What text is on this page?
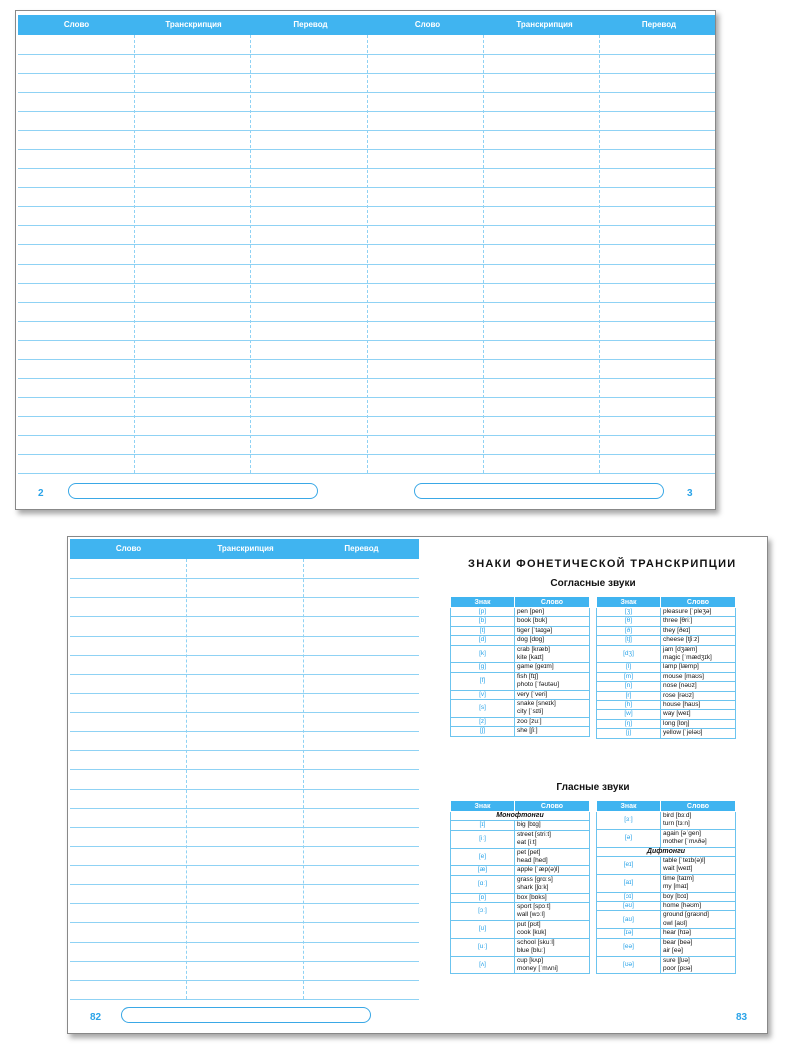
Слово	Транскрипция	Перевод	Слово	Транскрипция	Перевод
2	3
Слово	Транскрипция	Перевод
82	83
ЗНАКИ ФОНЕТИЧЕСКОЙ ТРАНСКРИПЦИИ
Согласные звуки
Гласные звуки
Знак	Слово
[p]	pen [pen]

[b]	book [bʊk]

[t]	tiger [ˈtaɪɡə]

[d]	dog [dɒɡ]

[k]	crab [kræb]
kite [kaɪt]

[g]	game [ɡeɪm]

[f]	fish [fɪʃ]
photo [ˈfəʊtəʊ]

[v]	very [ˈveri]

[s]	snake [sneɪk]
city [ˈsɪti]

[z]	zoo [zuː]

[ʃ]	she [ʃiː]
Знак	Слово
[ʒ]	pleasure [ˈpleʒə]

[θ]	three [θriː]

[ð]	they [ðeɪ]

[tʃ]	cheese [tʃiːz]

[dʒ]	jam [dʒæm]
magic [ˈmædʒɪk]

[l]	lamp [læmp]

[m]	mouse [maʊs]

[n]	nose [nəʊz]

[r]	rose [rəʊz]

[h]	house [haʊs]

[w]	way [weɪ]

[ŋ]	long [lɒŋ]

[j]	yellow [ˈjeləʊ]
Знак	Слово
Монофтонги	
[ɪ]	big [bɪɡ]

[iː]	street [striːt]
eat [iːt]

[e]	pet [pet]
head [hed]

[æ]	apple [ˈæp(ə)l]

[ɑː]	grass [ɡrɑːs]
shark [ʃɑːk]

[ɒ]	box [bɒks]

[ɔː]	sport [spɔːt]
wall [wɔːl]

[ʊ]	put [pʊt]
cook [kʊk]

[uː]	school [skuːl]
blue [bluː]

[ʌ]	cup [kʌp]
money [ˈmʌni]
Знак	Слово
[ɜː]	bird [bɜːd]
turn [tɜːn]

[ə]	again [əˈɡen]
mother [ˈmʌðə]

Дифтонги	
[eɪ]	table [ˈteɪb(ə)l]
wait [weɪt]

[aɪ]	time [taɪm]
my [maɪ]

[ɔɪ]	boy [bɔɪ]

[əʊ]	home [həʊm]

[aʊ]	ground [ɡraʊnd]
owl [aʊl]

[ɪə]	hear [hɪə]

[eə]	bear [beə]
air [eə]

[ʊə]	sure [ʃʊə]
poor [pʊə]
